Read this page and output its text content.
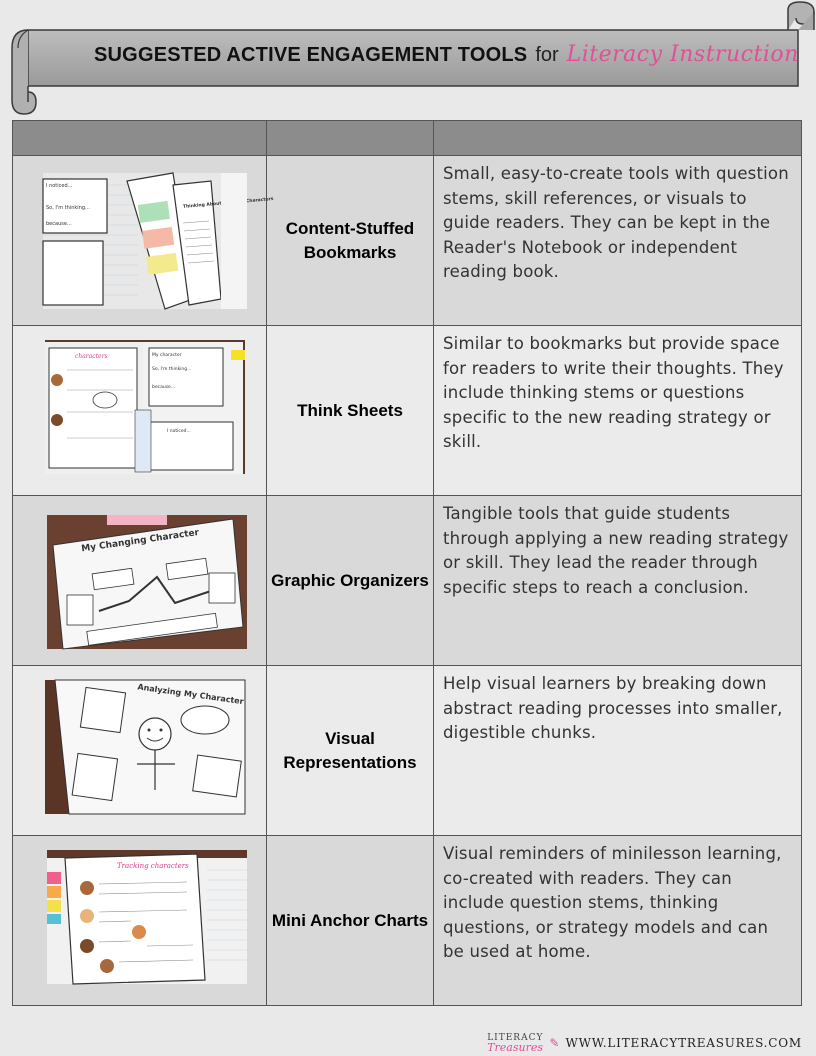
SUGGESTED ACTIVE ENGAGEMENT TOOLS for Literacy Instruction

I noticed...
So, I'm thinking...
because...
Thinking About Characters	Content-Stuffed Bookmarks	Small, easy-to-create tools with question stems, skill references, or visuals to guide readers. They can be kept in the Reader's Notebook or independent reading book.

characters My character
So, I'm thinking...
because...
I noticed...	Think Sheets	Similar to bookmarks but provide space for readers to write their thoughts. They include thinking stems or questions specific to the new reading strategy or skill.

My Changing Character	Graphic Organizers	Tangible tools that guide students through applying a new reading strategy or skill. They lead the reader through specific steps to reach a conclusion.

Analyzing My Character	Visual Representations	Help visual learners by breaking down abstract reading processes into smaller, digestible chunks.

Tracking characters	Mini Anchor Charts	Visual reminders of minilesson learning, co-created with readers. They can include question stems, thinking questions, or strategy models and can be used at home.
LITERACY
Treasures ✎ WWW.LITERACYTREASURES.COM
